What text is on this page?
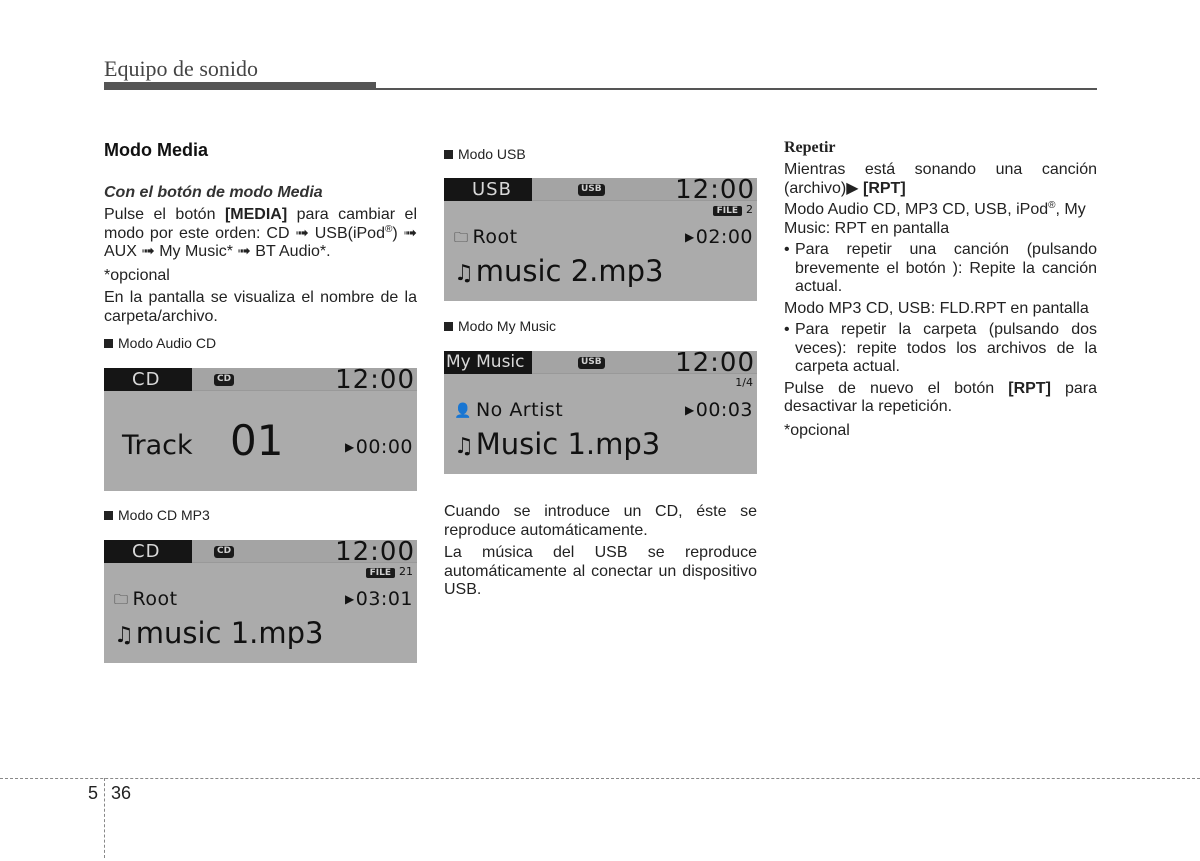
Equipo de sonido
Modo Media
Con el botón de modo Media
Pulse el botón [MEDIA] para cambiar el modo por este orden: CD ➟ USB(iPod®) ➟ AUX ➟ My Music* ➟ BT Audio*.
*opcional
En la pantalla se visualiza el nombre de la carpeta/archivo.
Modo Audio CD
CD	CD	12:00
Track 01	▶00:00
Modo CD MP3
CD	CD	12:00
FILE 21
🗀 Root	▶03:01
♫music 1.mp3
Modo USB
USB	USB	12:00
FILE 2
🗀 Root	▶02:00
♫music 2.mp3
Modo My Music
My Music	USB	12:00
1/4
👤 No Artist	▶00:03
♫Music 1.mp3
Cuando se introduce un CD, éste se reproduce automáticamente.
La música del USB se reproduce automáticamente al conectar un dispositivo USB.
Repetir
Mientras está sonando una canción (archivo)▶ [RPT]
Modo Audio CD, MP3 CD, USB, iPod®, My Music: RPT en pantalla
• Para repetir una canción (pulsando brevemente el botón ): Repite la canción actual.
Modo MP3 CD, USB: FLD.RPT en pantalla
• Para repetir la carpeta (pulsando dos veces): repite todos los archivos de la carpeta actual.
Pulse de nuevo el botón [RPT] para desactivar la repetición.
*opcional
5 36
